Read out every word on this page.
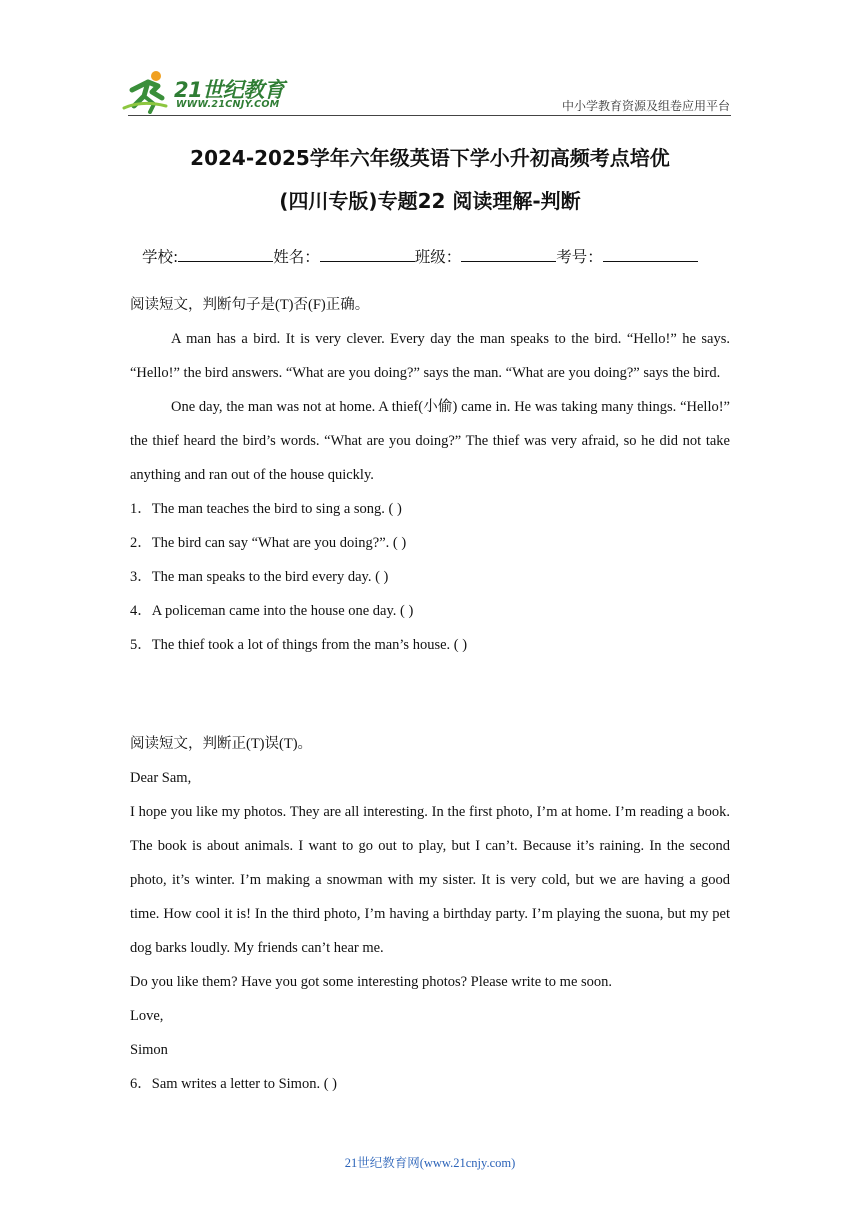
21世纪教育
WWW.21CNJY.COM	中小学教育资源及组卷应用平台
2024-2025学年六年级英语下学小升初高频考点培优
(四川专版)专题22 阅读理解-判断
学校:	姓名：	班级：	考号：

阅读短文，判断句子是(T)否(F)正确。

A man has a bird. It is very clever. Every day the man speaks to the bird. “Hello!” he says. “Hello!” the bird answers. “What are you doing?” says the man. “What are you doing?” says the bird.

One day, the man was not at home. A thief(小偷) came in. He was taking many things. “Hello!” the thief heard the bird’s words. “What are you doing?” The thief was very afraid, so he did not take anything and ran out of the house quickly.

1．The man teaches the bird to sing a song. ( )

2．The bird can say “What are you doing?”. ( )

3．The man speaks to the bird every day. ( )

4．A policeman came into the house one day. ( )

5．The thief took a lot of things from the man’s house. ( )

阅读短文，判断正(T)误(T)。

Dear Sam,

I hope you like my photos. They are all interesting. In the first photo, I’m at home. I’m reading a book. The book is about animals. I want to go out to play, but I can’t. Because it’s raining. In the second photo, it’s winter. I’m making a snowman with my sister. It is very cold, but we are having a good time. How cool it is! In the third photo, I’m having a birthday party. I’m playing the suona, but my pet dog barks loudly. My friends can’t hear me.

Do you like them? Have you got some interesting photos? Please write to me soon.

Love,

Simon

6．Sam writes a letter to Simon. ( )

21世纪教育网(www.21cnjy.com)
